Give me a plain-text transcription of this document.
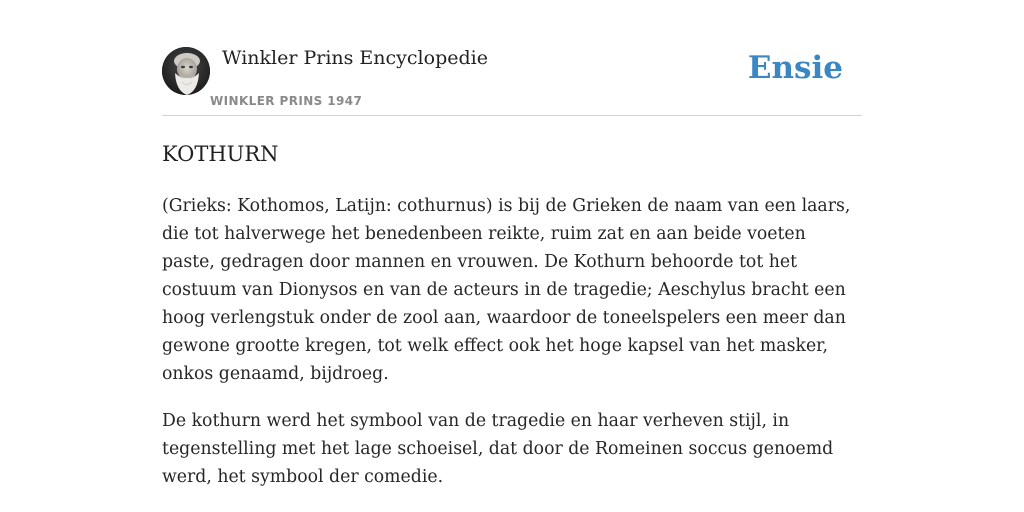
Winkler Prins Encyclopedie
WINKLER PRINS 1947
Ensie
KOTHURN

(Grieks: Kothomos, Latijn: cothurnus) is bij de Grieken de naam van een laars, die tot halverwege het benedenbeen reikte, ruim zat en aan beide voeten paste, gedragen door mannen en vrouwen. De Kothurn behoorde tot het costuum van Dionysos en van de acteurs in de tragedie; Aeschylus bracht een hoog verlengstuk onder de zool aan, waardoor de toneelspelers een meer dan gewone grootte kregen, tot welk effect ook het hoge kapsel van het masker, onkos genaamd, bijdroeg.

De kothurn werd het symbool van de tragedie en haar verheven stijl, in tegenstelling met het lage schoeisel, dat door de Romeinen soccus genoemd werd, het symbool der comedie.
